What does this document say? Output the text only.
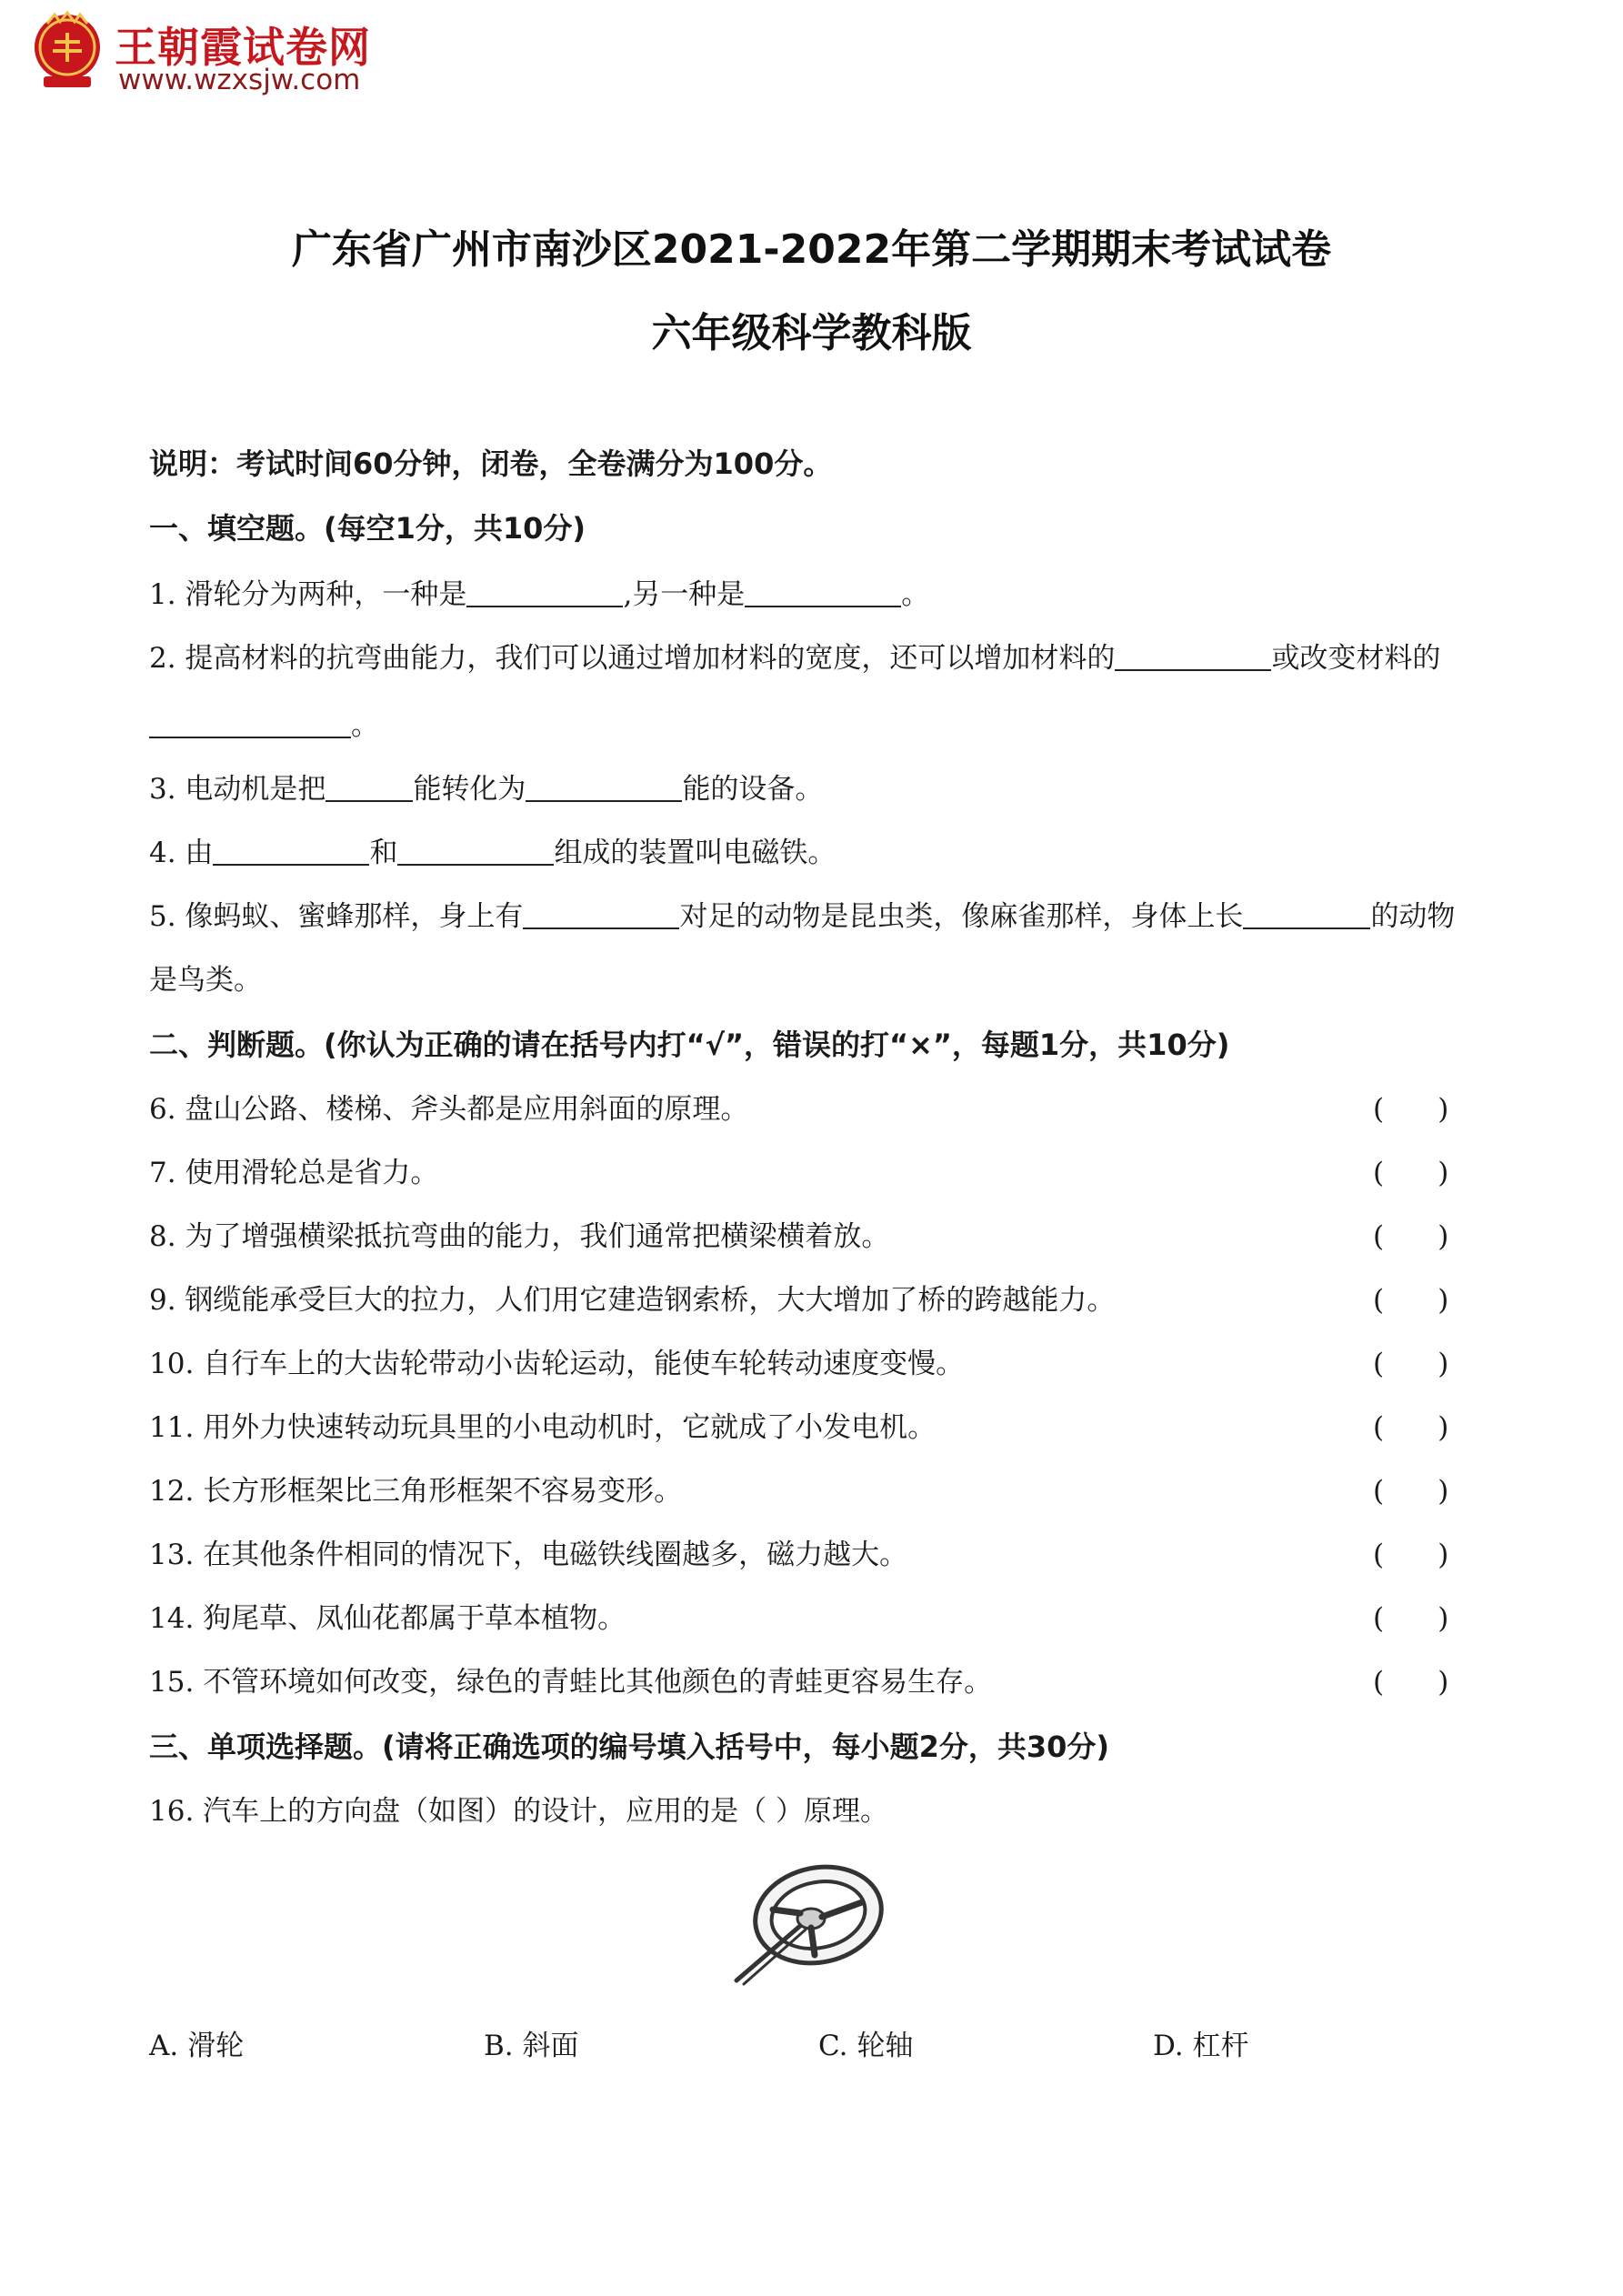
王朝霞试卷网
www.wzxsjw.com
广东省广州市南沙区2021-2022年第二学期期末考试试卷
六年级科学教科版
说明：考试时间60分钟，闭卷，全卷满分为100分。
一、填空题。(每空1分，共10分)
1. 滑轮分为两种，一种是	,另一种是	。
2. 提高材料的抗弯曲能力，我们可以通过增加材料的宽度，还可以增加材料的	或改变材料的
。
3. 电动机是把	能转化为	能的设备。
4. 由	和	组成的装置叫电磁铁。
5. 像蚂蚁、蜜蜂那样，身上有	对足的动物是昆虫类，像麻雀那样，身体上长	的动物
是鸟类。
二、判断题。(你认为正确的请在括号内打“√”，错误的打“×”，每题1分，共10分)
6. 盘山公路、楼梯、斧头都是应用斜面的原理。	(      )
7. 使用滑轮总是省力。	(      )
8. 为了增强横梁抵抗弯曲的能力，我们通常把横梁横着放。	(      )
9. 钢缆能承受巨大的拉力，人们用它建造钢索桥，大大增加了桥的跨越能力。	(      )
10. 自行车上的大齿轮带动小齿轮运动，能使车轮转动速度变慢。	(      )
11. 用外力快速转动玩具里的小电动机时，它就成了小发电机。	(      )
12. 长方形框架比三角形框架不容易变形。	(      )
13. 在其他条件相同的情况下，电磁铁线圈越多，磁力越大。	(      )
14. 狗尾草、凤仙花都属于草本植物。	(      )
15. 不管环境如何改变，绿色的青蛙比其他颜色的青蛙更容易生存。	(      )
三、单项选择题。(请将正确选项的编号填入括号中，每小题2分，共30分)
16. 汽车上的方向盘（如图）的设计，应用的是（ ）原理。
A. 滑轮	B. 斜面	C. 轮轴	D. 杠杆
